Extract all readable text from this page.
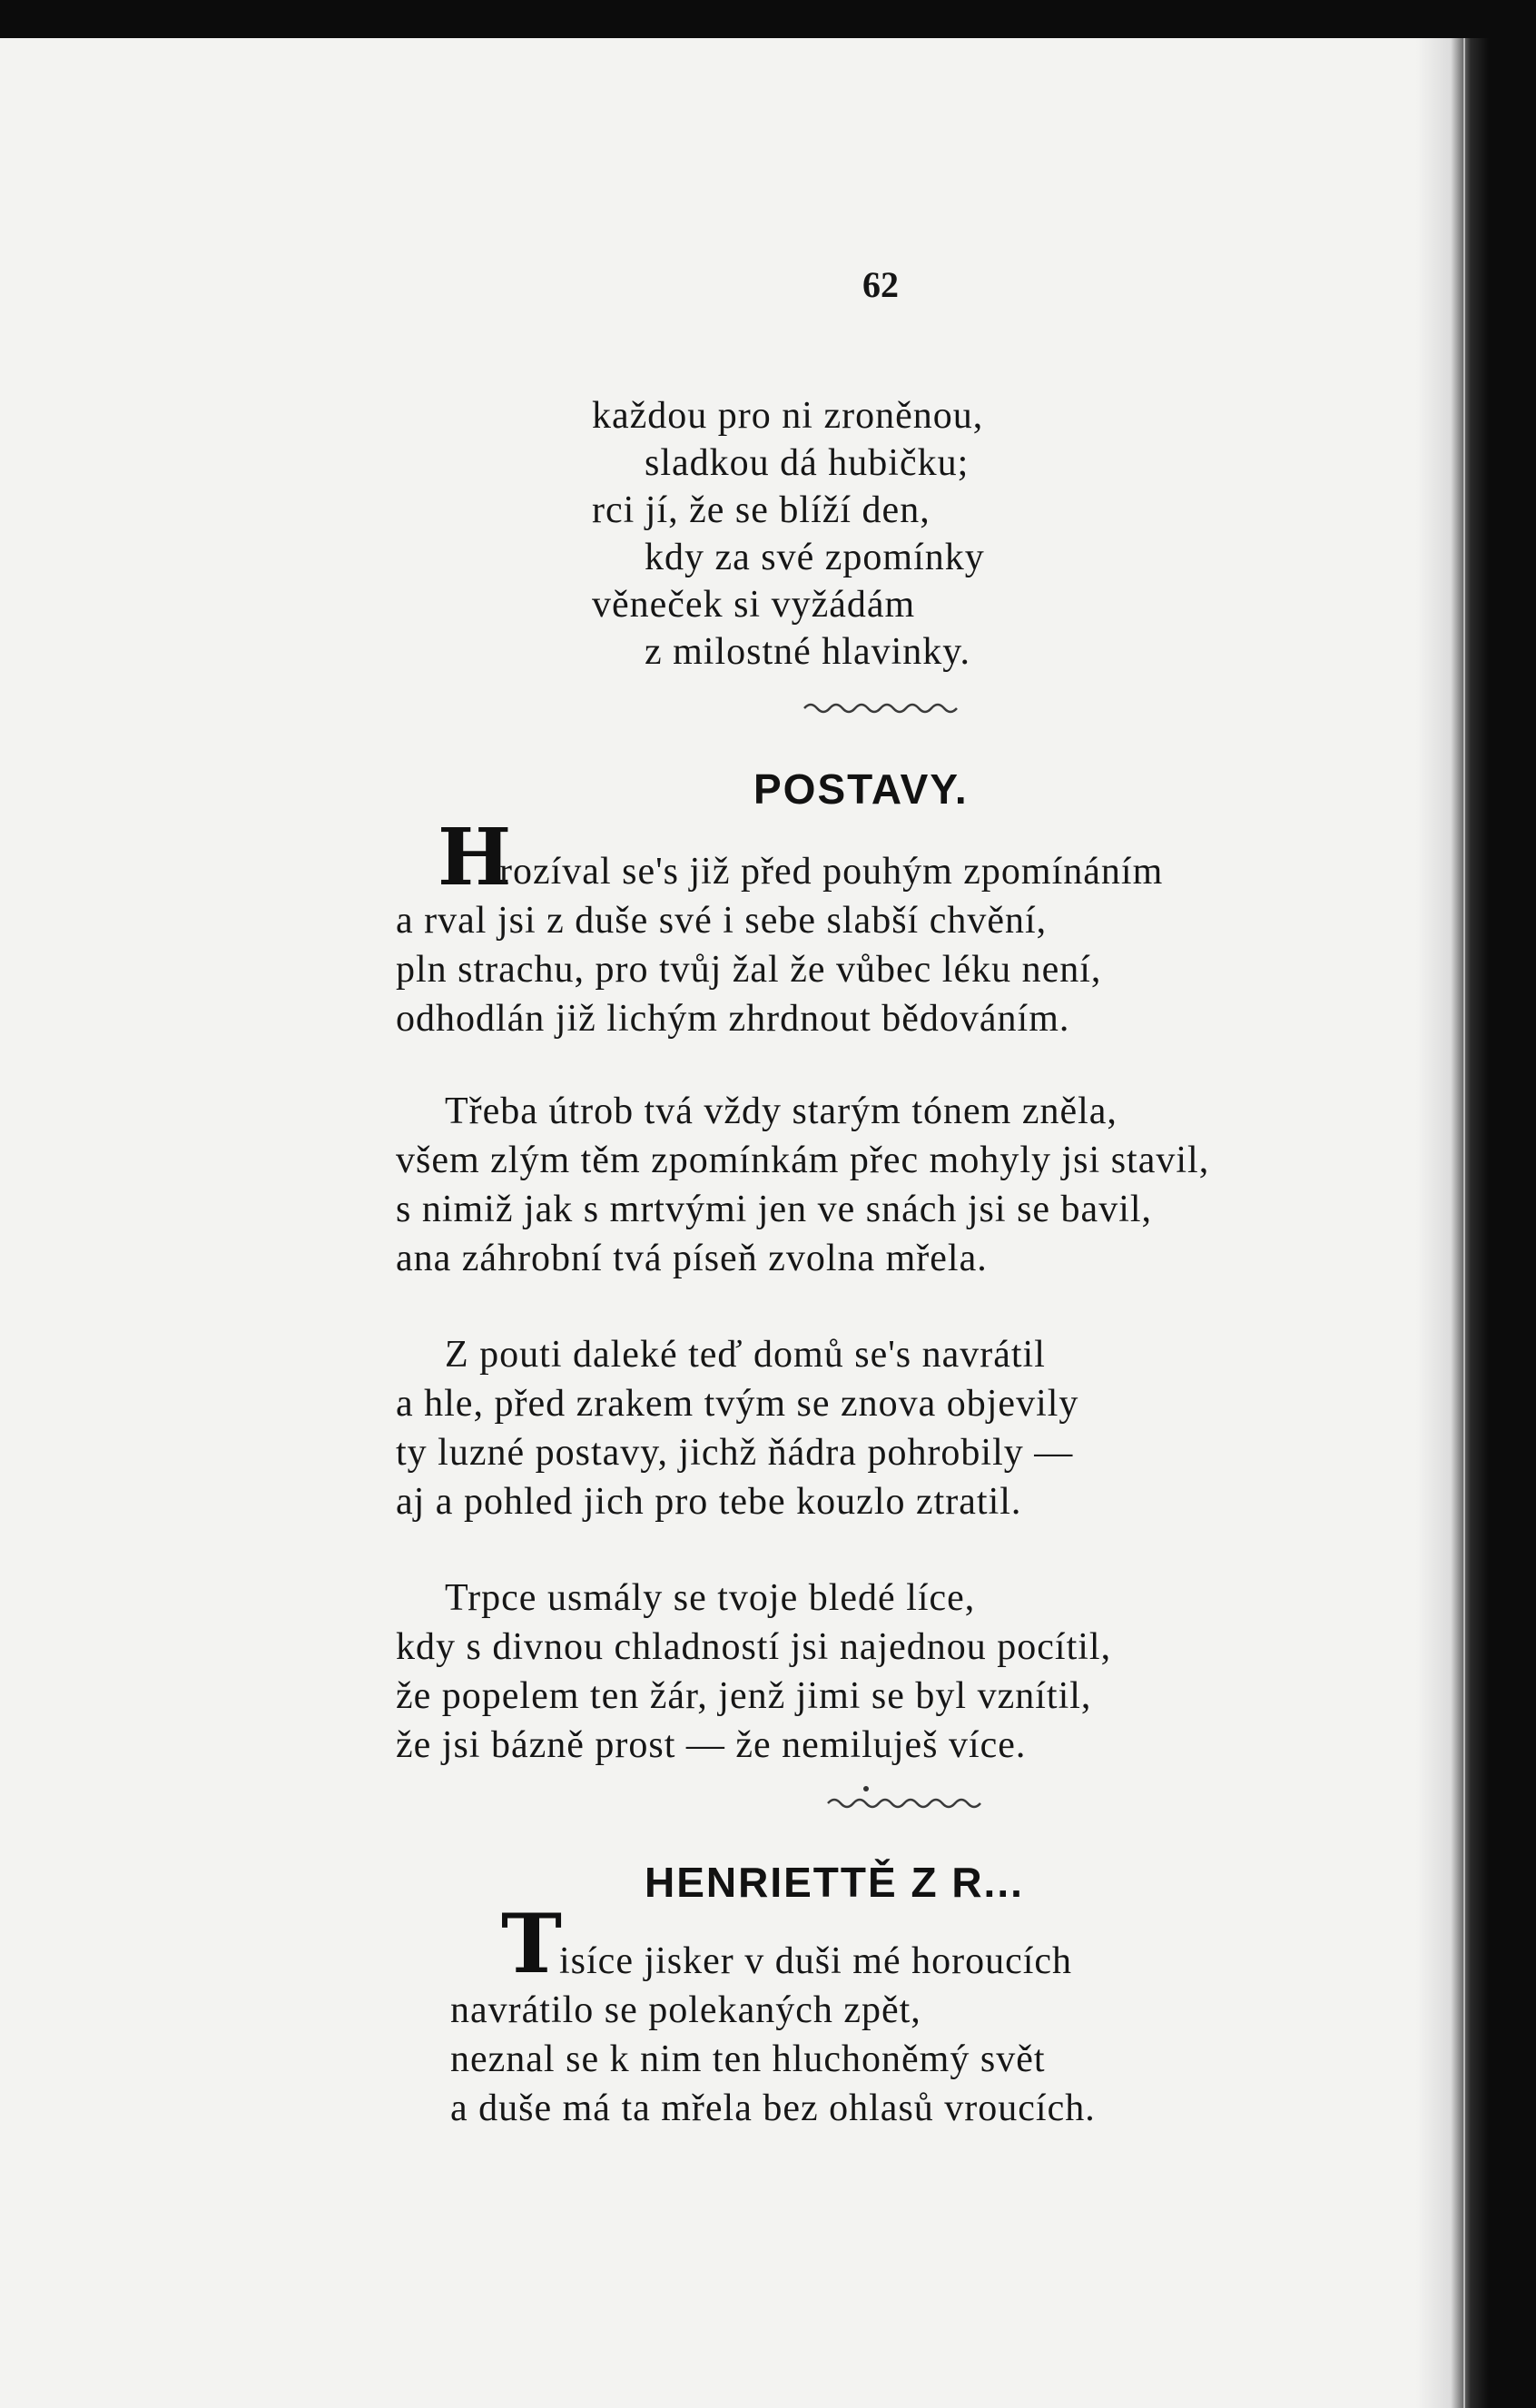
62
každou pro ni zroněnou,
sladkou dá hubičku;
rci jí, že se blíží den,
kdy za své zpomínky
věneček si vyžádám
z milostné hlavinky.
POSTAVY.
H
rozíval se's již před pouhým zpomínáním
a rval jsi z duše své i sebe slabší chvění,
pln strachu, pro tvůj žal že vůbec léku není,
odhodlán již lichým zhrdnout bědováním.
Třeba útrob tvá vždy starým tónem zněla,
všem zlým těm zpomínkám přec mohyly jsi stavil,
s nimiž jak s mrtvými jen ve snách jsi se bavil,
ana záhrobní tvá píseň zvolna mřela.
Z pouti daleké teď domů se's navrátil
a hle, před zrakem tvým se znova objevily
ty luzné postavy, jichž ňádra pohrobily —
aj a pohled jich pro tebe kouzlo ztratil.
Trpce usmály se tvoje bledé líce,
kdy s divnou chladností jsi najednou pocítil,
že popelem ten žár, jenž jimi se byl vznítil,
že jsi bázně prost — že nemiluješ více.
HENRIETTĚ Z R...
T
isíce jisker v duši mé horoucích
navrátilo se polekaných zpět,
neznal se k nim ten hluchoněmý svět
a duše má ta mřela bez ohlasů vroucích.
